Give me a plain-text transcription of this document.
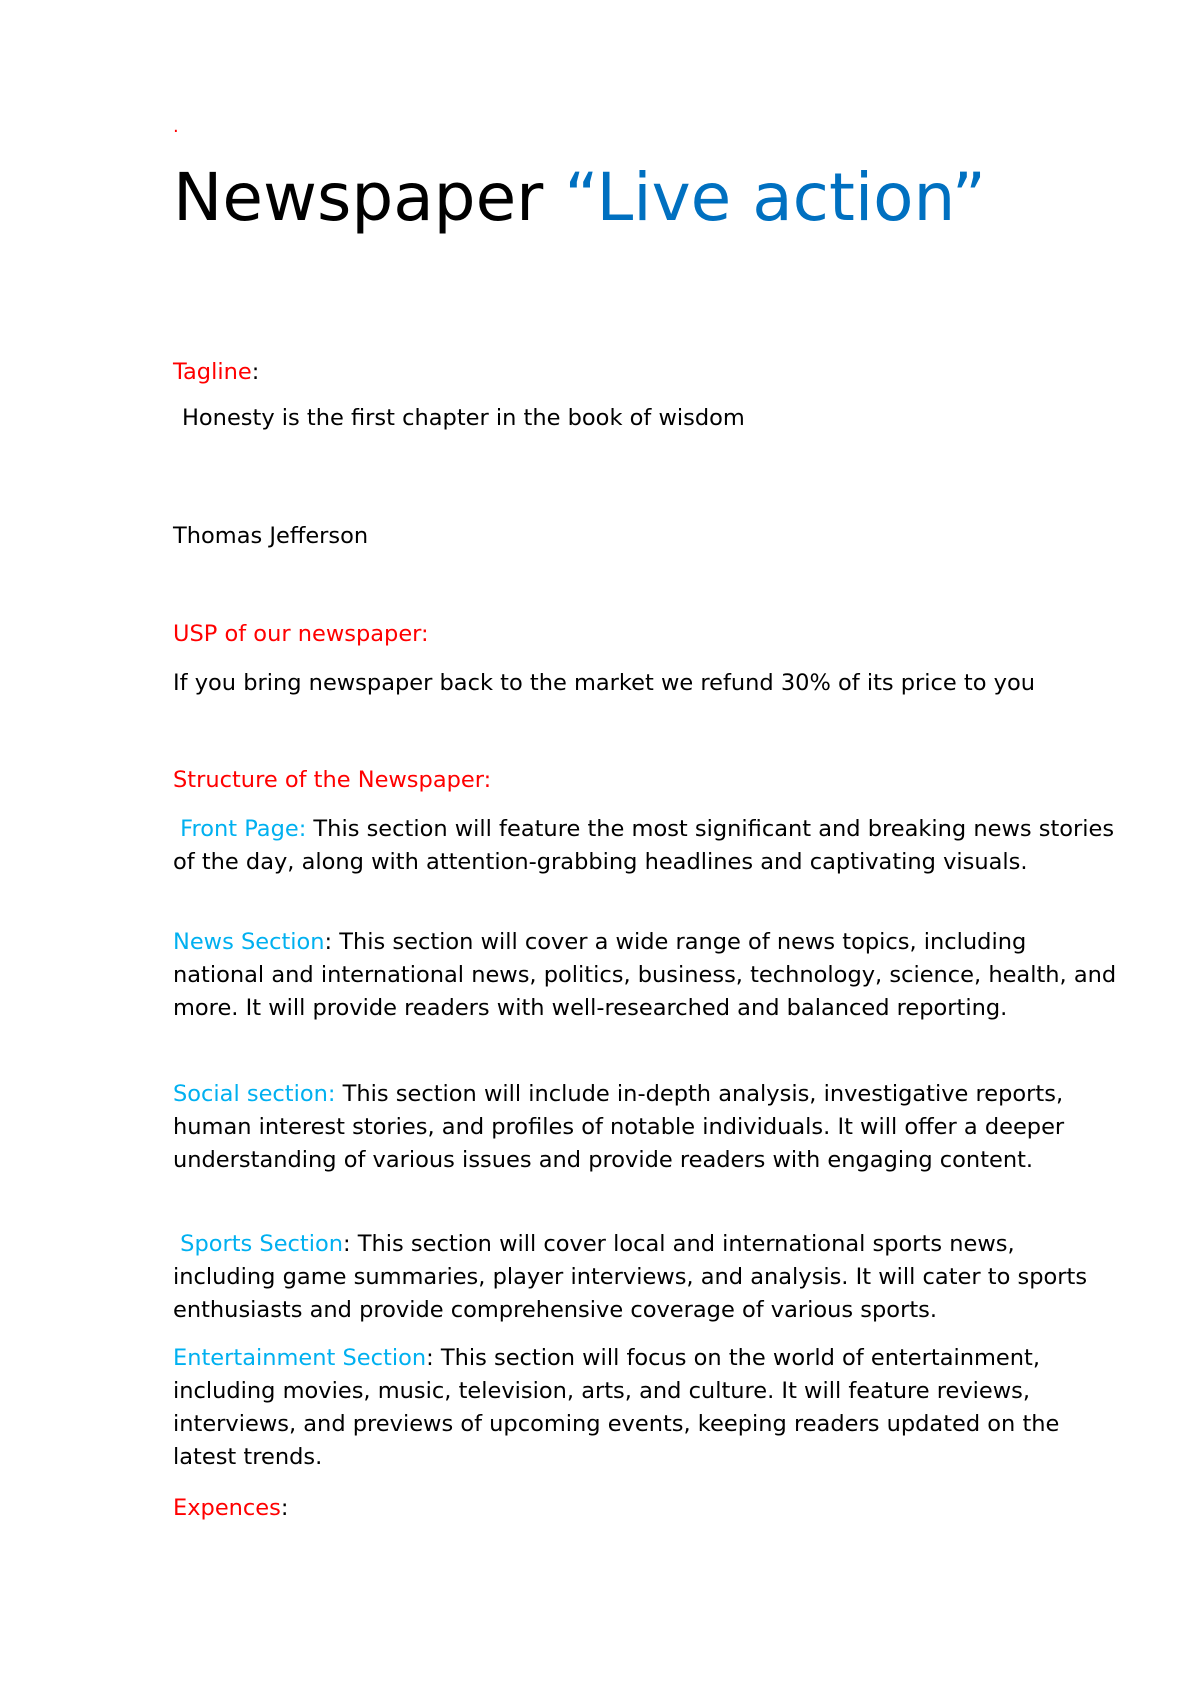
.
Newspaper “Live action”
Tagline:
Honesty is the first chapter in the book of wisdom
Thomas Jefferson
USP of our newspaper:
If you bring newspaper back to the market we refund 30% of its price to you
Structure of the Newspaper:

Front Page: This section will feature the most significant and breaking news stories of the day, along with attention-grabbing headlines and captivating visuals.

News Section: This section will cover a wide range of news topics, including national and international news, politics, business, technology, science, health, and more. It will provide readers with well-researched and balanced reporting.

Social section: This section will include in-depth analysis, investigative reports, human interest stories, and profiles of notable individuals. It will offer a deeper understanding of various issues and provide readers with engaging content.

Sports Section: This section will cover local and international sports news, including game summaries, player interviews, and analysis. It will cater to sports enthusiasts and provide comprehensive coverage of various sports.

Entertainment Section: This section will focus on the world of entertainment, including movies, music, television, arts, and culture. It will feature reviews, interviews, and previews of upcoming events, keeping readers updated on the latest trends.

Expences:
